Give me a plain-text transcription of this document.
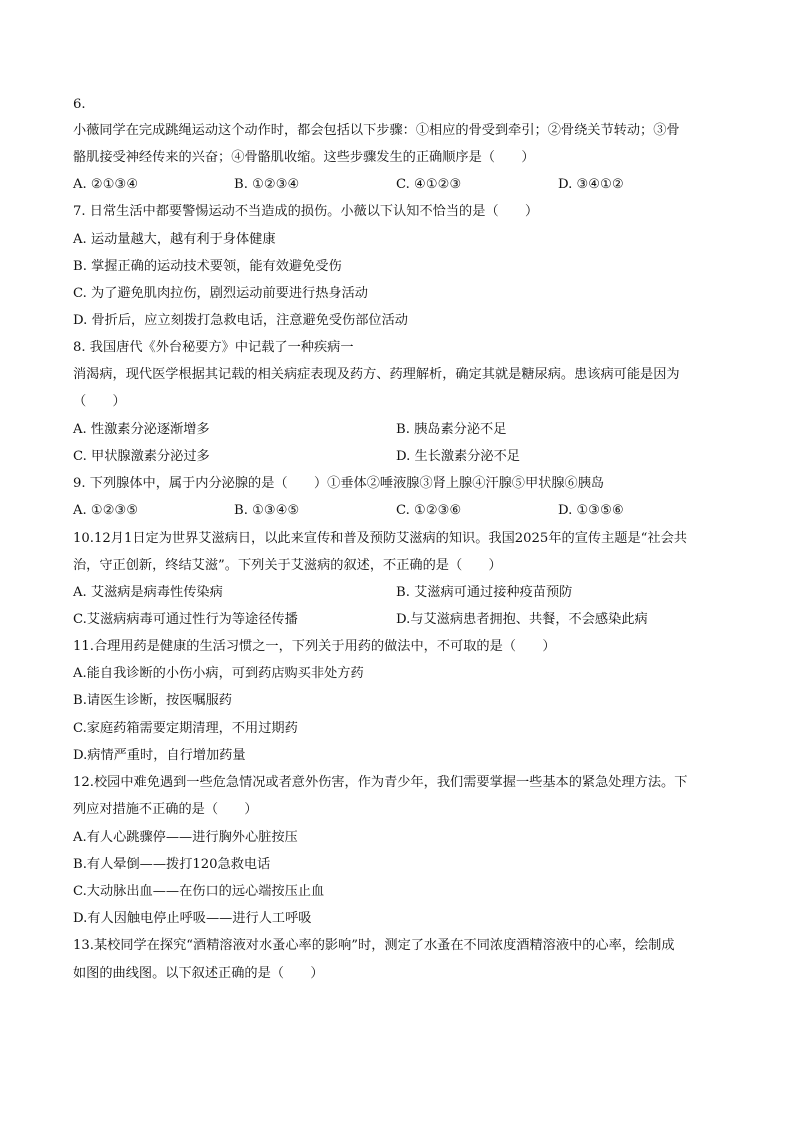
6.
小薇同学在完成跳绳运动这个动作时，都会包括以下步骤：①相应的骨受到牵引；②骨绕关节转动；③骨
骼肌接受神经传来的兴奋；④骨骼肌收缩。这些步骤发生的正确顺序是（　　）
A. ②①③④	B. ①②③④	C. ④①②③	D. ③④①②
7. 日常生活中都要警惕运动不当造成的损伤。小薇以下认知不恰当的是（　　）
A. 运动量越大，越有利于身体健康
B. 掌握正确的运动技术要领，能有效避免受伤
C. 为了避免肌肉拉伤，剧烈运动前要进行热身活动
D. 骨折后，应立刻拨打急救电话，注意避免受伤部位活动
8. 我国唐代《外台秘要方》中记载了一种疾病一
消渴病，现代医学根据其记载的相关病症表现及药方、药理解析，确定其就是糖尿病。患该病可能是因为
（　　）
A. 性激素分泌逐渐增多	B. 胰岛素分泌不足
C. 甲状腺激素分泌过多	D. 生长激素分泌不足
9. 下列腺体中，属于内分泌腺的是（　　）①垂体②唾液腺③肾上腺④汗腺⑤甲状腺⑥胰岛
A. ①②③⑤	B. ①③④⑤	C. ①②③⑥	D. ①③⑤⑥
10.12月1日定为世界艾滋病日，以此来宣传和普及预防艾滋病的知识。我国2025年的宣传主题是“社会共
治，守正创新，终结艾滋”。下列关于艾滋病的叙述，不正确的是（　　）
A. 艾滋病是病毒性传染病	B. 艾滋病可通过接种疫苗预防
C.艾滋病病毒可通过性行为等途径传播	D.与艾滋病患者拥抱、共餐，不会感染此病
11.合理用药是健康的生活习惯之一，下列关于用药的做法中，不可取的是（　　）
A.能自我诊断的小伤小病，可到药店购买非处方药
B.请医生诊断，按医嘱服药
C.家庭药箱需要定期清理，不用过期药
D.病情严重时，自行增加药量
12.校园中难免遇到一些危急情况或者意外伤害，作为青少年，我们需要掌握一些基本的紧急处理方法。下
列应对措施不正确的是（　　）
A.有人心跳骤停——进行胸外心脏按压
B.有人晕倒——拨打120急救电话
C.大动脉出血——在伤口的远心端按压止血
D.有人因触电停止呼吸——进行人工呼吸
13.某校同学在探究“酒精溶液对水蚤心率的影响”时，测定了水蚤在不同浓度酒精溶液中的心率，绘制成
如图的曲线图。以下叙述正确的是（　　）
